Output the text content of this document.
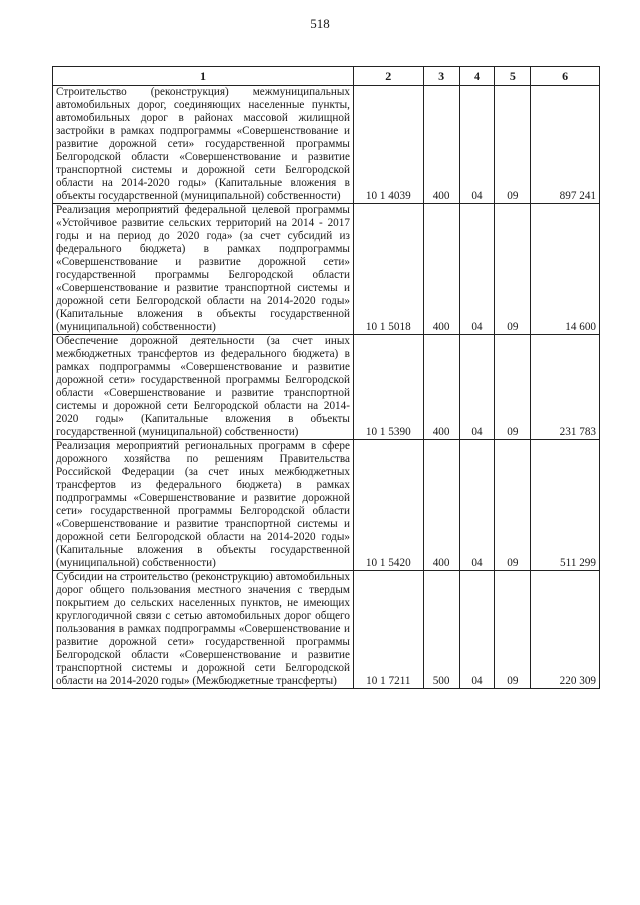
518
1	2	3	4	5	6
Строительство (реконструкция) межмуниципальных автомобильных дорог, соединяющих населенные пункты, автомобильных дорог в районах массовой жилищной застройки в рамках подпрограммы «Совершенствование и развитие дорожной сети» государственной программы Белгородской области «Совершенствование и развитие транспортной системы и дорожной сети Белгородской области на 2014-2020 годы» (Капитальные вложения в объекты государственной (муниципальной) собственности)	10 1 4039	400	04	09	897 241
Реализация мероприятий федеральной целевой программы «Устойчивое развитие сельских территорий на 2014 - 2017 годы и на период до 2020 года» (за счет субсидий из федерального бюджета) в рамках подпрограммы «Совершенствование и развитие дорожной сети» государственной программы Белгородской области «Совершенствование и развитие транспортной системы и дорожной сети Белгородской области на 2014-2020 годы» (Капитальные вложения в объекты государственной (муниципальной) собственности)	10 1 5018	400	04	09	14 600
Обеспечение дорожной деятельности (за счет иных межбюджетных трансфертов из федерального бюджета) в рамках подпрограммы «Совершенствование и развитие дорожной сети» государственной программы Белгородской области «Совершенствование и развитие транспортной системы и дорожной сети Белгородской области на 2014-2020 годы» (Капитальные вложения в объекты государственной (муниципальной) собственности)	10 1 5390	400	04	09	231 783
Реализация мероприятий региональных программ в сфере дорожного хозяйства по решениям Правительства Российской Федерации (за счет иных межбюджетных трансфертов из федерального бюджета) в рамках подпрограммы «Совершенствование и развитие дорожной сети» государственной программы Белгородской области «Совершенствование и развитие транспортной системы и дорожной сети Белгородской области на 2014-2020 годы» (Капитальные вложения в объекты государственной (муниципальной) собственности)	10 1 5420	400	04	09	511 299
Субсидии на строительство (реконструкцию) автомобильных дорог общего пользования местного значения с твердым покрытием до сельских населенных пунктов, не имеющих круглогодичной связи с сетью автомобильных дорог общего пользования в рамках подпрограммы «Совершенствование и развитие дорожной сети» государственной программы Белгородской области «Совершенствование и развитие транспортной системы и дорожной сети Белгородской области на 2014-2020 годы» (Межбюджетные трансферты)	10 1 7211	500	04	09	220 309
